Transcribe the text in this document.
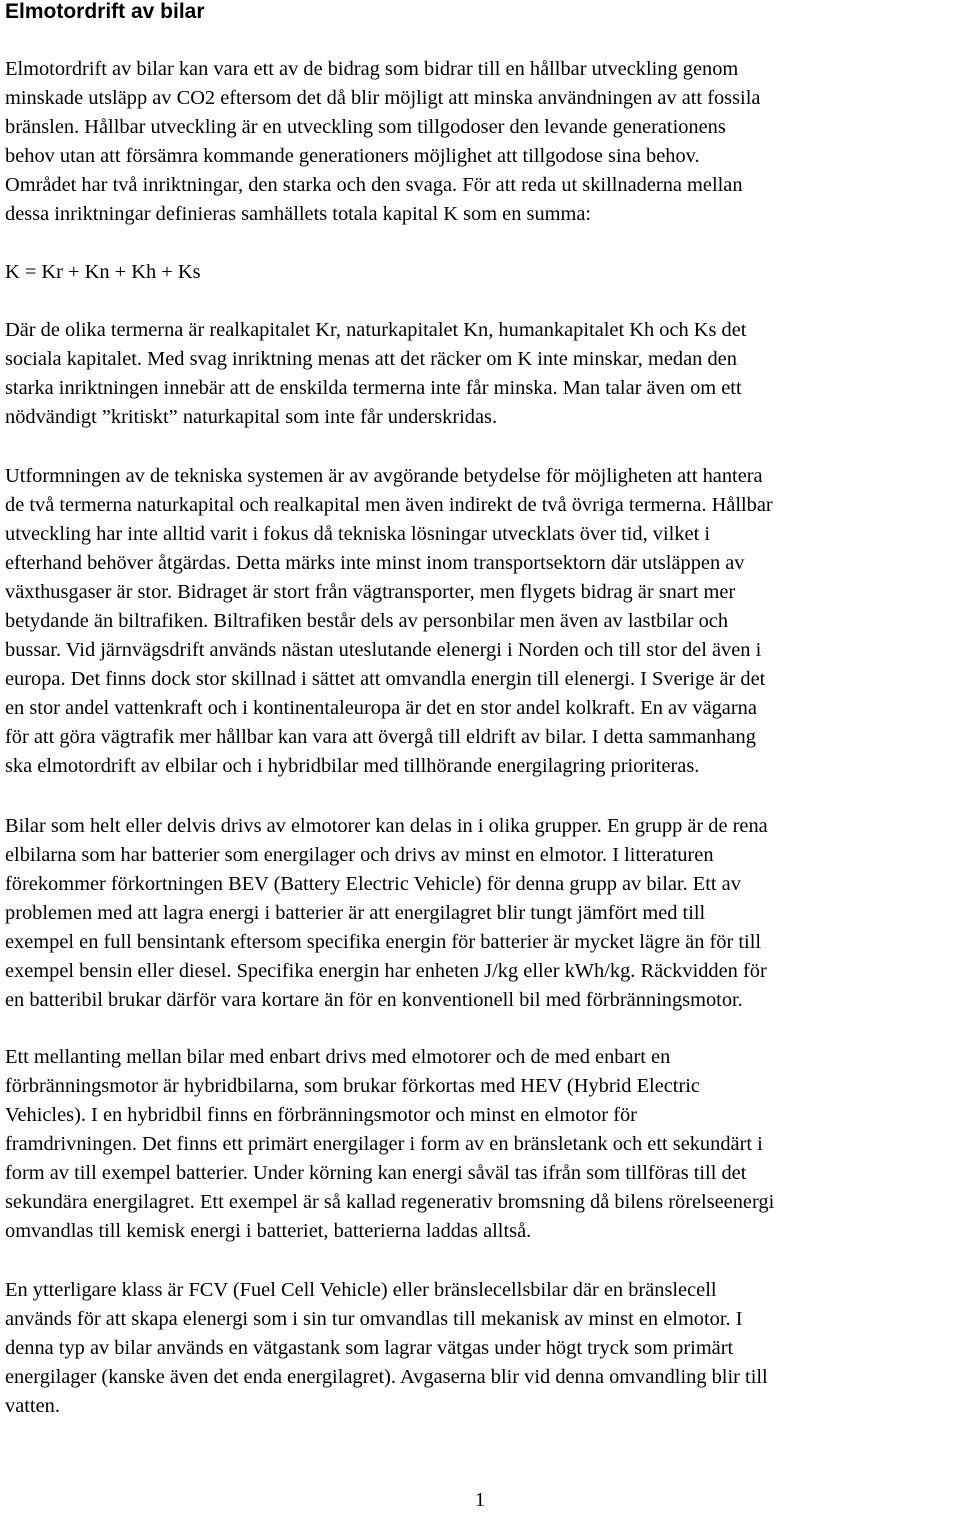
Elmotordrift av bilar

Elmotordrift av bilar kan vara ett av de bidrag som bidrar till en hållbar utveckling genom
minskade utsläpp av CO2 eftersom det då blir möjligt att minska användningen av att fossila
bränslen. Hållbar utveckling är en utveckling som tillgodoser den levande generationens
behov utan att försämra kommande generationers möjlighet att tillgodose sina behov.
Området har två inriktningar, den starka och den svaga. För att reda ut skillnaderna mellan
dessa inriktningar definieras samhällets totala kapital K som en summa:

K = Kr + Kn + Kh + Ks

Där de olika termerna är realkapitalet Kr, naturkapitalet Kn, humankapitalet Kh och Ks det
sociala kapitalet. Med svag inriktning menas att det räcker om K inte minskar, medan den
starka inriktningen innebär att de enskilda termerna inte får minska. Man talar även om ett
nödvändigt ”kritiskt” naturkapital som inte får underskridas.

Utformningen av de tekniska systemen är av avgörande betydelse för möjligheten att hantera
de två termerna naturkapital och realkapital men även indirekt de två övriga termerna. Hållbar
utveckling har inte alltid varit i fokus då tekniska lösningar utvecklats över tid, vilket i
efterhand behöver åtgärdas. Detta märks inte minst inom transportsektorn där utsläppen av
växthusgaser är stor. Bidraget är stort från vägtransporter, men flygets bidrag är snart mer
betydande än biltrafiken. Biltrafiken består dels av personbilar men även av lastbilar och
bussar. Vid järnvägsdrift används nästan uteslutande elenergi i Norden och till stor del även i
europa. Det finns dock stor skillnad i sättet att omvandla energin till elenergi. I Sverige är det
en stor andel vattenkraft och i kontinentaleuropa är det en stor andel kolkraft. En av vägarna
för att göra vägtrafik mer hållbar kan vara att övergå till eldrift av bilar. I detta sammanhang
ska elmotordrift av elbilar och i hybridbilar med tillhörande energilagring prioriteras.

Bilar som helt eller delvis drivs av elmotorer kan delas in i olika grupper. En grupp är de rena
elbilarna som har batterier som energilager och drivs av minst en elmotor. I litteraturen
förekommer förkortningen BEV (Battery Electric Vehicle) för denna grupp av bilar. Ett av
problemen med att lagra energi i batterier är att energilagret blir tungt jämfört med till
exempel en full bensintank eftersom specifika energin för batterier är mycket lägre än för till
exempel bensin eller diesel. Specifika energin har enheten J/kg eller kWh/kg. Räckvidden för
en batteribil brukar därför vara kortare än för en konventionell bil med förbränningsmotor.

Ett mellanting mellan bilar med enbart drivs med elmotorer och de med enbart en
förbränningsmotor är hybridbilarna, som brukar förkortas med HEV (Hybrid Electric
Vehicles). I en hybridbil finns en förbränningsmotor och minst en elmotor för
framdrivningen. Det finns ett primärt energilager i form av en bränsletank och ett sekundärt i
form av till exempel batterier. Under körning kan energi såväl tas ifrån som tillföras till det
sekundära energilagret. Ett exempel är så kallad regenerativ bromsning då bilens rörelseenergi
omvandlas till kemisk energi i batteriet, batterierna laddas alltså.

En ytterligare klass är FCV (Fuel Cell Vehicle) eller bränslecellsbilar där en bränslecell
används för att skapa elenergi som i sin tur omvandlas till mekanisk av minst en elmotor. I
denna typ av bilar används en vätgastank som lagrar vätgas under högt tryck som primärt
energilager (kanske även det enda energilagret). Avgaserna blir vid denna omvandling blir till
vatten.

1
